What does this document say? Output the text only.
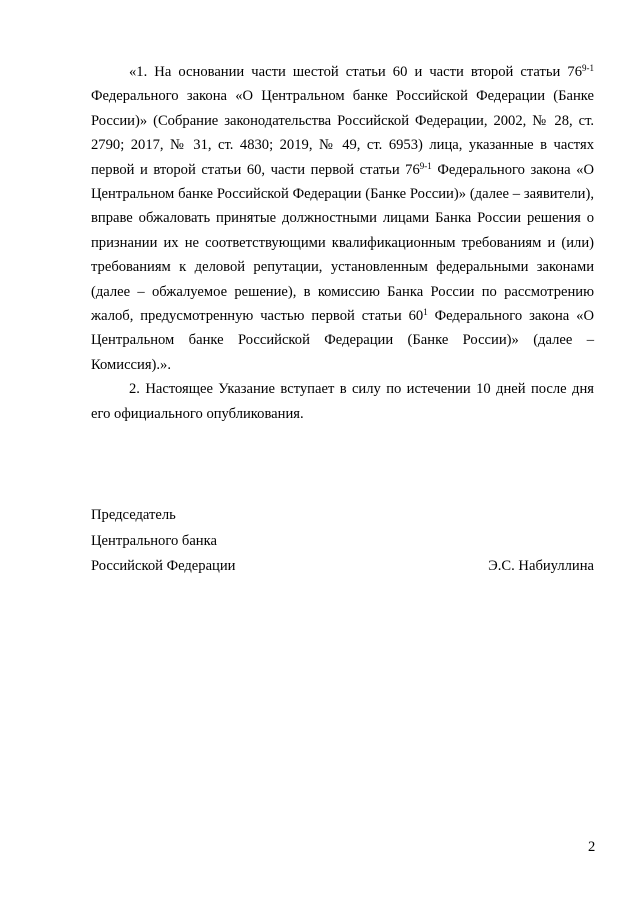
«1. На основании части шестой статьи 60 и части второй статьи 76$^{9-1}$ Федерального закона «О Центральном банке Российской Федерации (Банке России)» (Собрание законодательства Российской Федерации, 2002, № 28, ст. 2790; 2017, № 31, ст. 4830; 2019, № 49, ст. 6953) лица, указанные в частях первой и второй статьи 60, части первой статьи 76$^{9-1}$ Федерального закона «О Центральном банке Российской Федерации (Банке России)» (далее – заявители), вправе обжаловать принятые должностными лицами Банка России решения о признании их не соответствующими квалификационным требованиям и (или) требованиям к деловой репутации, установленным федеральными законами (далее – обжалуемое решение), в комиссию Банка России по рассмотрению жалоб, предусмотренную частью первой статьи $60^1$ Федерального закона «О Центральном банке Российской Федерации (Банке России)» (далее – Комиссия).».

2. Настоящее Указание вступает в силу по истечении 10 дней после дня его официального опубликования.

Председатель
Центрального банка
Российской Федерации	Э.С. Набиуллина
2
